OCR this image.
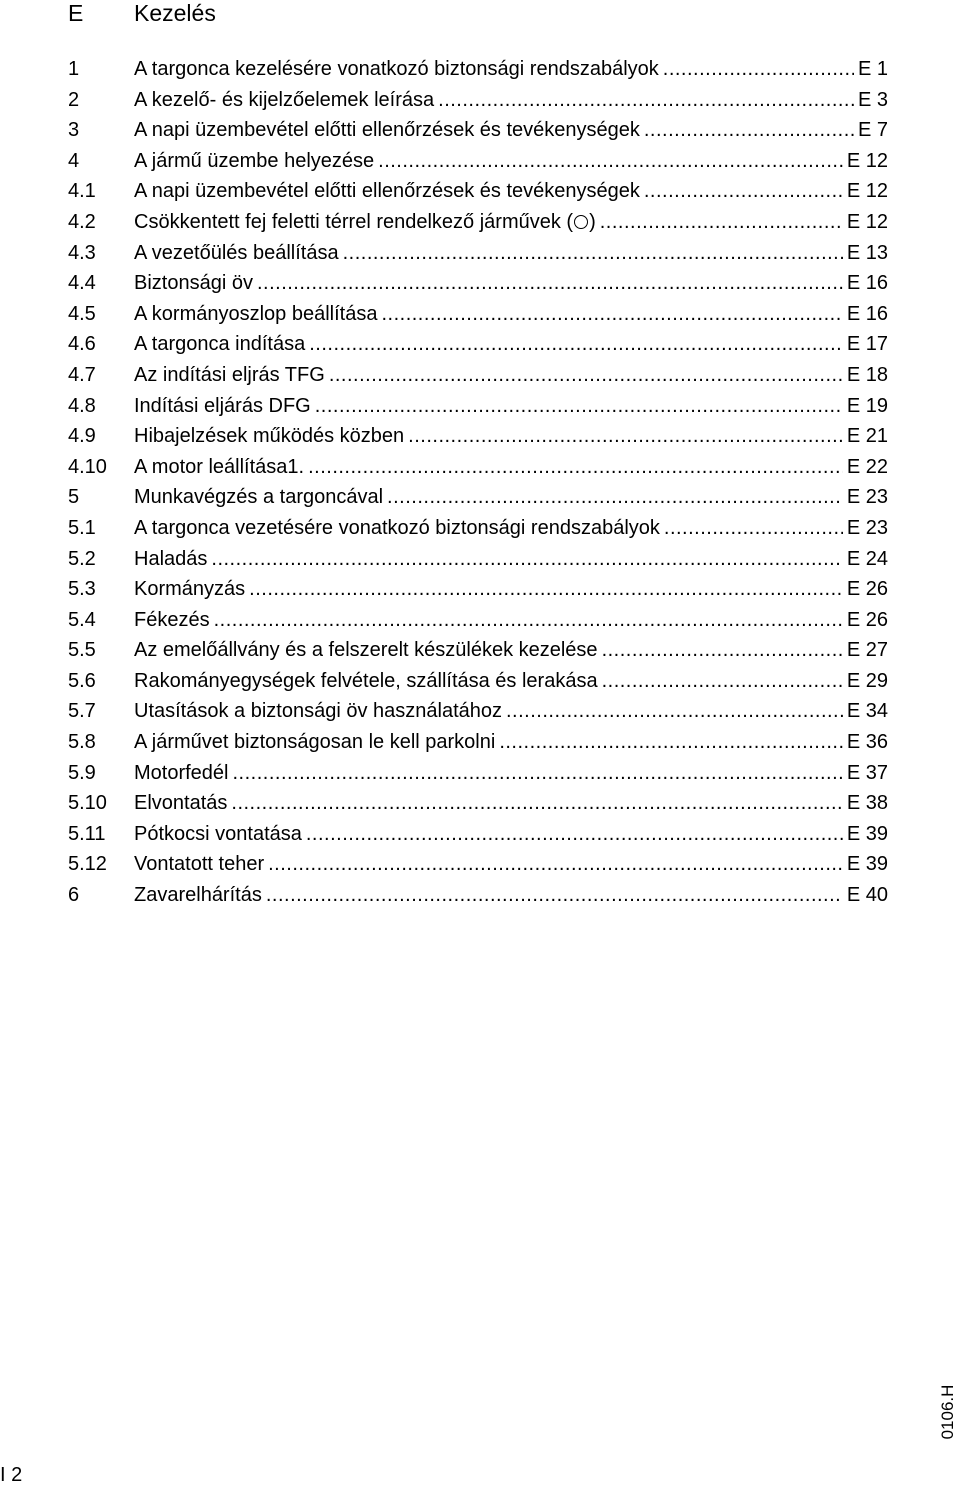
E Kezelés
1	A targonca kezelésére vonatkozó biztonsági rendszabályok .....	E 1
2	A kezelő- és kijelzőelemek leírása .....	E 3
3	A napi üzembevétel előtti ellenőrzések és tevékenységek .....	E 7
4	A jármű üzembe helyezése .....	E 12
4.1	A napi üzembevétel előtti ellenőrzések és tevékenységek .....	E 12
4.2	Csökkentett fej feletti térrel rendelkező járművek ( ) .....	E 12
4.3	A vezetőülés beállítása .....	E 13
4.4	Biztonsági öv .....	E 16
4.5	A kormányoszlop beállítása .....	E 16
4.6	A targonca indítása .....	E 17
4.7	Az indítási eljrás TFG .....	E 18
4.8	Indítási eljárás DFG .....	E 19
4.9	Hibajelzések működés közben .....	E 21
4.10	A motor leállítása1. .....	E 22
5	Munkavégzés a targoncával .....	E 23
5.1	A targonca vezetésére vonatkozó biztonsági rendszabályok .....	E 23
5.2	Haladás .....	E 24
5.3	Kormányzás .....	E 26
5.4	Fékezés .....	E 26
5.5	Az emelőállvány és a felszerelt készülékek kezelése .....	E 27
5.6	Rakományegységek felvétele, szállítása és lerakása .....	E 29
5.7	Utasítások a biztonsági öv használatához .....	E 34
5.8	A járművet biztonságosan le kell parkolni .....	E 36
5.9	Motorfedél .....	E 37
5.10	Elvontatás .....	E 38
5.11	Pótkocsi vontatása .....	E 39
5.12	Vontatott teher .....	E 39
6	Zavarelhárítás .....	E 40
0106.H
I 2
